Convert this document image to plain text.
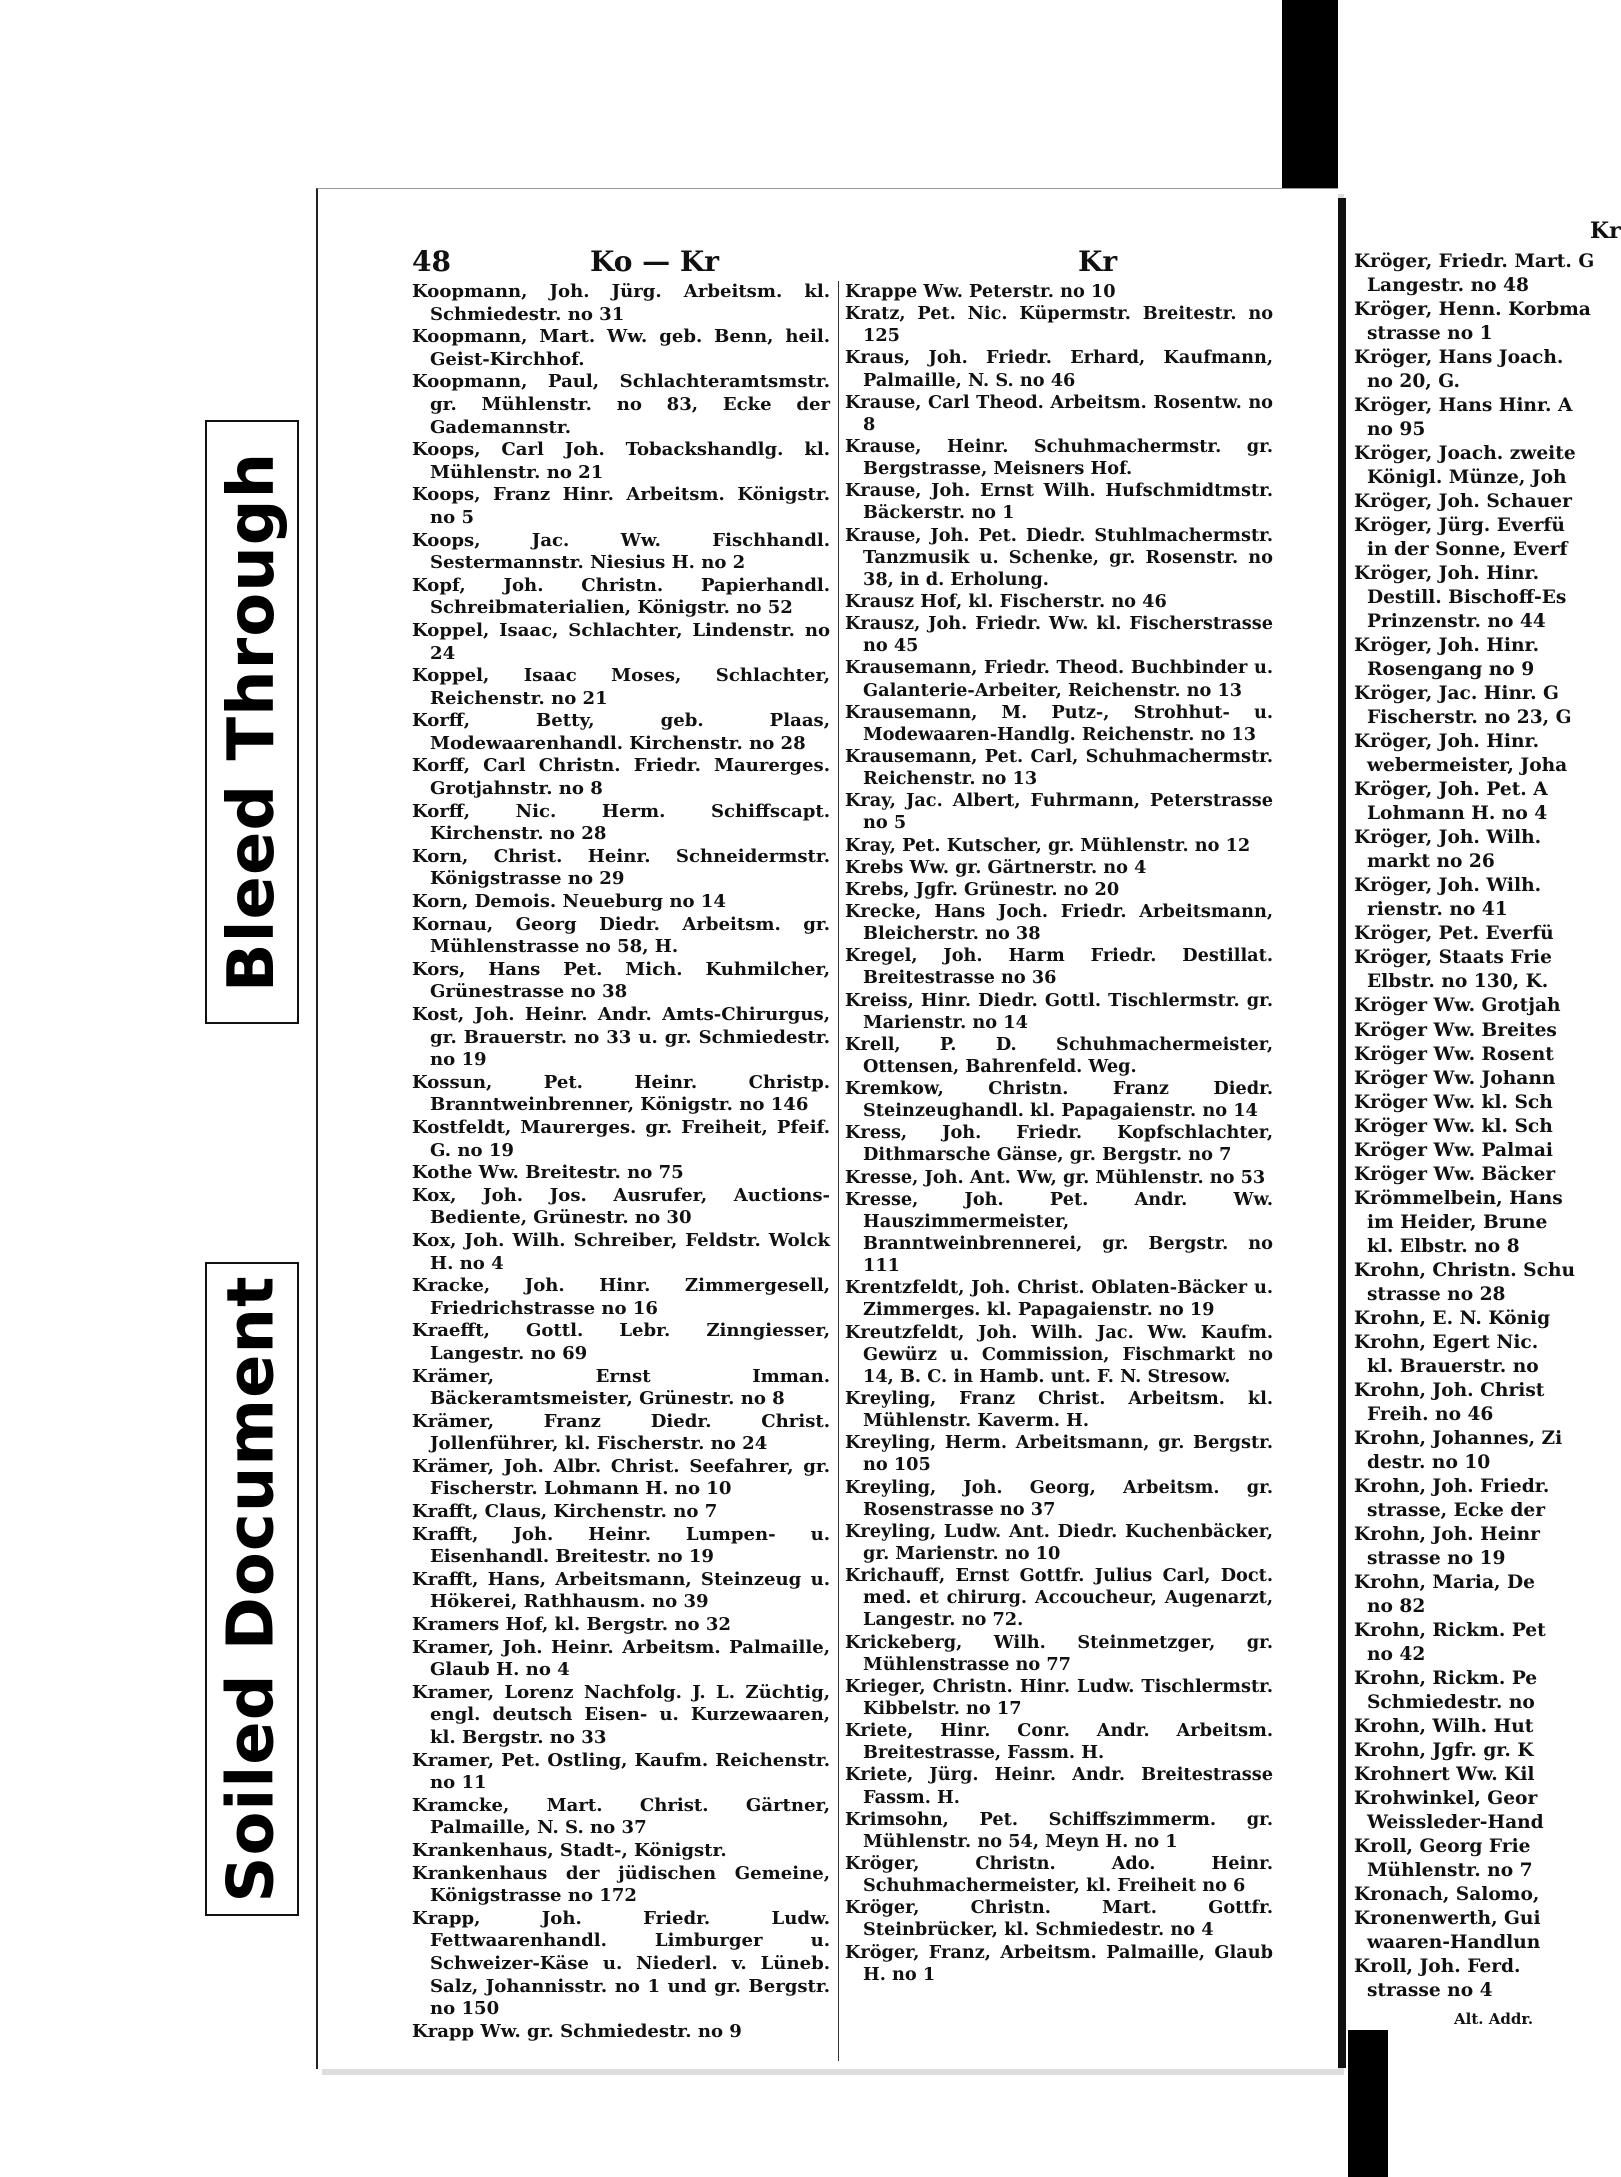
Bleed Through
Soiled Document
48	Ko — Kr	Kr

Koopmann, Joh. Jürg. Arbeitsm. kl. Schmiedestr. no 31

Koopmann, Mart. Ww. geb. Benn, heil. Geist-Kirchhof.

Koopmann, Paul, Schlachteramtsmstr. gr. Mühlenstr. no 83, Ecke der Gademannstr.

Koops, Carl Joh. Tobackshandlg. kl. Mühlenstr. no 21

Koops, Franz Hinr. Arbeitsm. Königstr. no 5

Koops, Jac. Ww. Fischhandl. Sestermannstr. Niesius H. no 2

Kopf, Joh. Christn. Papierhandl. Schreibmaterialien, Königstr. no 52

Koppel, Isaac, Schlachter, Lindenstr. no 24

Koppel, Isaac Moses, Schlachter, Reichenstr. no 21

Korff, Betty, geb. Plaas, Modewaarenhandl. Kirchenstr. no 28

Korff, Carl Christn. Friedr. Maurerges. Grotjahnstr. no 8

Korff, Nic. Herm. Schiffscapt. Kirchenstr. no 28

Korn, Christ. Heinr. Schneidermstr. Königstrasse no 29

Korn, Demois. Neueburg no 14

Kornau, Georg Diedr. Arbeitsm. gr. Mühlenstrasse no 58, H.

Kors, Hans Pet. Mich. Kuhmilcher, Grünestrasse no 38

Kost, Joh. Heinr. Andr. Amts-Chirurgus, gr. Brauerstr. no 33 u. gr. Schmiedestr. no 19

Kossun, Pet. Heinr. Christp. Branntweinbrenner, Königstr. no 146

Kostfeldt, Maurerges. gr. Freiheit, Pfeif. G. no 19

Kothe Ww. Breitestr. no 75

Kox, Joh. Jos. Ausrufer, Auctions-Bediente, Grünestr. no 30

Kox, Joh. Wilh. Schreiber, Feldstr. Wolck H. no 4

Kracke, Joh. Hinr. Zimmergesell, Friedrichstrasse no 16

Kraefft, Gottl. Lebr. Zinngiesser, Langestr. no 69

Krämer, Ernst Imman. Bäckeramtsmeister, Grünestr. no 8

Krämer, Franz Diedr. Christ. Jollenführer, kl. Fischerstr. no 24

Krämer, Joh. Albr. Christ. Seefahrer, gr. Fischerstr. Lohmann H. no 10

Krafft, Claus, Kirchenstr. no 7

Krafft, Joh. Heinr. Lumpen- u. Eisenhandl. Breitestr. no 19

Krafft, Hans, Arbeitsmann, Steinzeug u. Hökerei, Rathhausm. no 39

Kramers Hof, kl. Bergstr. no 32

Kramer, Joh. Heinr. Arbeitsm. Palmaille, Glaub H. no 4

Kramer, Lorenz Nachfolg. J. L. Züchtig, engl. deutsch Eisen- u. Kurzewaaren, kl. Bergstr. no 33

Kramer, Pet. Ostling, Kaufm. Reichenstr. no 11

Kramcke, Mart. Christ. Gärtner, Palmaille, N. S. no 37

Krankenhaus, Stadt-, Königstr.

Krankenhaus der jüdischen Gemeine, Königstrasse no 172

Krapp, Joh. Friedr. Ludw. Fettwaarenhandl. Limburger u. Schweizer-Käse u. Niederl. v. Lüneb. Salz, Johannisstr. no 1 und gr. Bergstr. no 150

Krapp Ww. gr. Schmiedestr. no 9

Krappe Ww. Peterstr. no 10

Kratz, Pet. Nic. Küpermstr. Breitestr. no 125

Kraus, Joh. Friedr. Erhard, Kaufmann, Palmaille, N. S. no 46

Krause, Carl Theod. Arbeitsm. Rosentw. no 8

Krause, Heinr. Schuhmachermstr. gr. Bergstrasse, Meisners Hof.

Krause, Joh. Ernst Wilh. Hufschmidtmstr. Bäckerstr. no 1

Krause, Joh. Pet. Diedr. Stuhlmachermstr. Tanzmusik u. Schenke, gr. Rosenstr. no 38, in d. Erholung.

Krausz Hof, kl. Fischerstr. no 46

Krausz, Joh. Friedr. Ww. kl. Fischerstrasse no 45

Krausemann, Friedr. Theod. Buchbinder u. Galanterie-Arbeiter, Reichenstr. no 13

Krausemann, M. Putz-, Strohhut- u. Modewaaren-Handlg. Reichenstr. no 13

Krausemann, Pet. Carl, Schuhmachermstr. Reichenstr. no 13

Kray, Jac. Albert, Fuhrmann, Peterstrasse no 5

Kray, Pet. Kutscher, gr. Mühlenstr. no 12

Krebs Ww. gr. Gärtnerstr. no 4

Krebs, Jgfr. Grünestr. no 20

Krecke, Hans Joch. Friedr. Arbeitsmann, Bleicherstr. no 38

Kregel, Joh. Harm Friedr. Destillat. Breitestrasse no 36

Kreiss, Hinr. Diedr. Gottl. Tischlermstr. gr. Marienstr. no 14

Krell, P. D. Schuhmachermeister, Ottensen, Bahrenfeld. Weg.

Kremkow, Christn. Franz Diedr. Steinzeughandl. kl. Papagaienstr. no 14

Kress, Joh. Friedr. Kopfschlachter, Dithmarsche Gänse, gr. Bergstr. no 7

Kresse, Joh. Ant. Ww, gr. Mühlenstr. no 53

Kresse, Joh. Pet. Andr. Ww. Hauszimmermeister, Branntweinbrennerei, gr. Bergstr. no 111

Krentzfeldt, Joh. Christ. Oblaten-Bäcker u. Zimmerges. kl. Papagaienstr. no 19

Kreutzfeldt, Joh. Wilh. Jac. Ww. Kaufm. Gewürz u. Commission, Fischmarkt no 14, B. C. in Hamb. unt. F. N. Stresow.

Kreyling, Franz Christ. Arbeitsm. kl. Mühlenstr. Kaverm. H.

Kreyling, Herm. Arbeitsmann, gr. Bergstr. no 105

Kreyling, Joh. Georg, Arbeitsm. gr. Rosenstrasse no 37

Kreyling, Ludw. Ant. Diedr. Kuchenbäcker, gr. Marienstr. no 10

Krichauff, Ernst Gottfr. Julius Carl, Doct. med. et chirurg. Accoucheur, Augenarzt, Langestr. no 72.

Krickeberg, Wilh. Steinmetzger, gr. Mühlenstrasse no 77

Krieger, Christn. Hinr. Ludw. Tischlermstr. Kibbelstr. no 17

Kriete, Hinr. Conr. Andr. Arbeitsm. Breitestrasse, Fassm. H.

Kriete, Jürg. Heinr. Andr. Breitestrasse Fassm. H.

Krimsohn, Pet. Schiffszimmerm. gr. Mühlenstr. no 54, Meyn H. no 1

Kröger, Christn. Ado. Heinr. Schuhmachermeister, kl. Freiheit no 6

Kröger, Christn. Mart. Gottfr. Steinbrücker, kl. Schmiedestr. no 4

Kröger, Franz, Arbeitsm. Palmaille, Glaub H. no 1

Kr
Kröger, Friedr. Mart. G
Langestr. no 48
Kröger, Henn. Korbma
strasse no 1
Kröger, Hans Joach.
no 20, G.
Kröger, Hans Hinr. A
no 95
Kröger, Joach. zweite
Königl. Münze, Joh
Kröger, Joh. Schauer
Kröger, Jürg. Everfü
in der Sonne, Everf
Kröger, Joh. Hinr.
Destill. Bischoff-Es
Prinzenstr. no 44
Kröger, Joh. Hinr.
Rosengang no 9
Kröger, Jac. Hinr. G
Fischerstr. no 23, G
Kröger, Joh. Hinr.
webermeister, Joha
Kröger, Joh. Pet. A
Lohmann H. no 4
Kröger, Joh. Wilh.
markt no 26
Kröger, Joh. Wilh.
rienstr. no 41
Kröger, Pet. Everfü
Kröger, Staats Frie
Elbstr. no 130, K.
Kröger Ww. Grotjah
Kröger Ww. Breites
Kröger Ww. Rosent
Kröger Ww. Johann
Kröger Ww. kl. Sch
Kröger Ww. kl. Sch
Kröger Ww. Palmai
Kröger Ww. Bäcker
Krömmelbein, Hans
im Heider, Brune
kl. Elbstr. no 8
Krohn, Christn. Schu
strasse no 28
Krohn, E. N. König
Krohn, Egert Nic.
kl. Brauerstr. no
Krohn, Joh. Christ
Freih. no 46
Krohn, Johannes, Zi
destr. no 10
Krohn, Joh. Friedr.
strasse, Ecke der
Krohn, Joh. Heinr
strasse no 19
Krohn, Maria, De
no 82
Krohn, Rickm. Pet
no 42
Krohn, Rickm. Pe
Schmiedestr. no
Krohn, Wilh. Hut
Krohn, Jgfr. gr. K
Krohnert Ww. Kil
Krohwinkel, Geor
Weissleder-Hand
Kroll, Georg Frie
Mühlenstr. no 7
Kronach, Salomo,
Kronenwerth, Gui
waaren-Handlun
Kroll, Joh. Ferd.
strasse no 4
Alt. Addr.
